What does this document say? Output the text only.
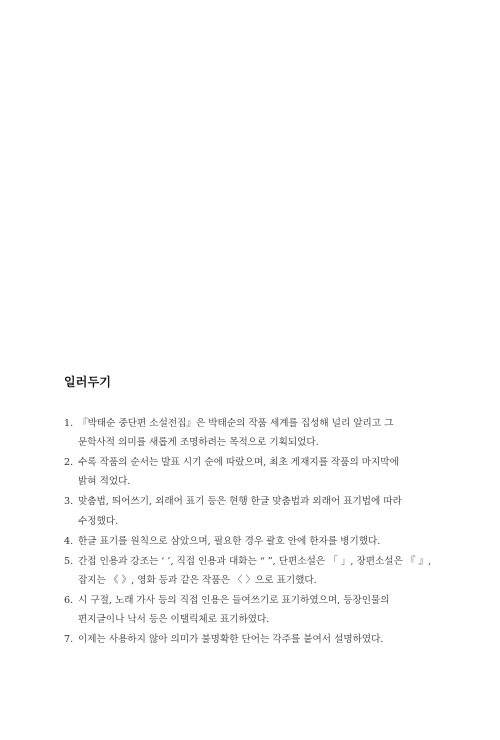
일러두기
1. 『박태순 중단편 소설전집』은 박태순의 작품 세계를 집성해 널리 알리고 그
문학사적 의미를 새롭게 조명하려는 목적으로 기획되었다.
2. 수록 작품의 순서는 발표 시기 순에 따랐으며, 최초 게재지를 작품의 마지막에
밝혀 적었다.
3. 맞춤법, 띄어쓰기, 외래어 표기 등은 현행 한글 맞춤법과 외래어 표기법에 따라
수정했다.
4. 한글 표기를 원칙으로 삼았으며, 필요한 경우 괄호 안에 한자를 병기했다.
5. 간접 인용과 강조는 ‘ ’, 직접 인용과 대화는 “ ”, 단편소설은 「 」, 장편소설은 『 』,
잡지는 《 》, 영화 등과 같은 작품은 〈 〉으로 표기했다.
6. 시 구절, 노래 가사 등의 직접 인용은 들여쓰기로 표기하였으며, 등장인물의
편지글이나 낙서 등은 이탤릭체로 표기하였다.
7. 이제는 사용하지 않아 의미가 불명확한 단어는 각주를 붙여서 설명하였다.
